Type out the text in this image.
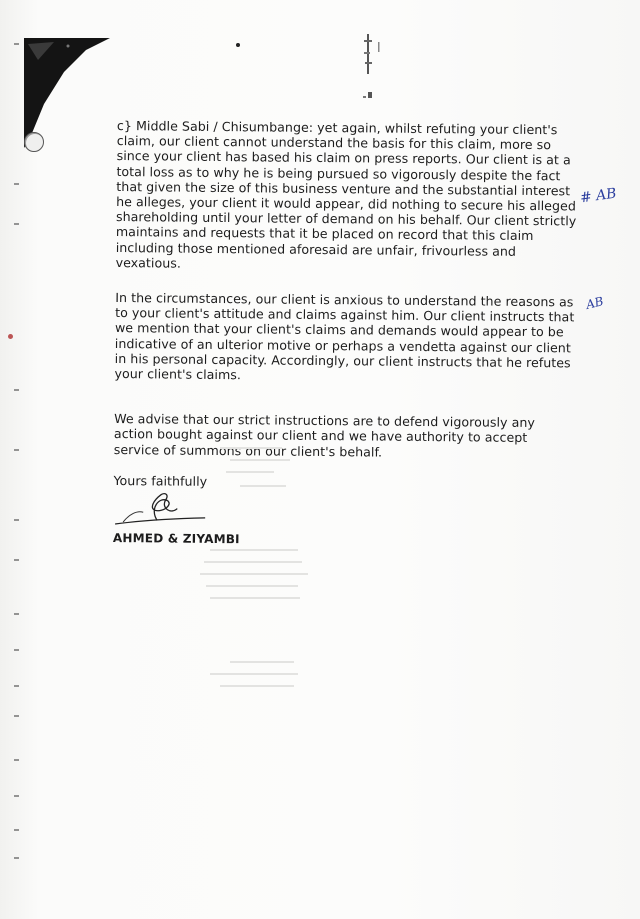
c} Middle Sabi / Chisumbange: yet again, whilst refuting your client's claim, our client cannot understand the basis for this claim, more so since your client has based his claim on press reports. Our client is at a total loss as to why he is being pursued so vigorously despite the fact that given the size of this business venture and the substantial interest he alleges, your client it would appear, did nothing to secure his alleged shareholding until your letter of demand on his behalf. Our client strictly maintains and requests that it be placed on record that this claim including those mentioned aforesaid are unfair, frivourless and vexatious.

In the circumstances, our client is anxious to understand the reasons as to your client's attitude and claims against him. Our client instructs that we mention that your client's claims and demands would appear to be indicative of an ulterior motive or perhaps a vendetta against our client in his personal capacity. Accordingly, our client instructs that he refutes your client's claims.

We advise that our strict instructions are to defend vigorously any action bought against our client and we have authority to accept service of summons on our client's behalf.

Yours faithfully

AHMED & ZIYAMBI
# AB
AB
